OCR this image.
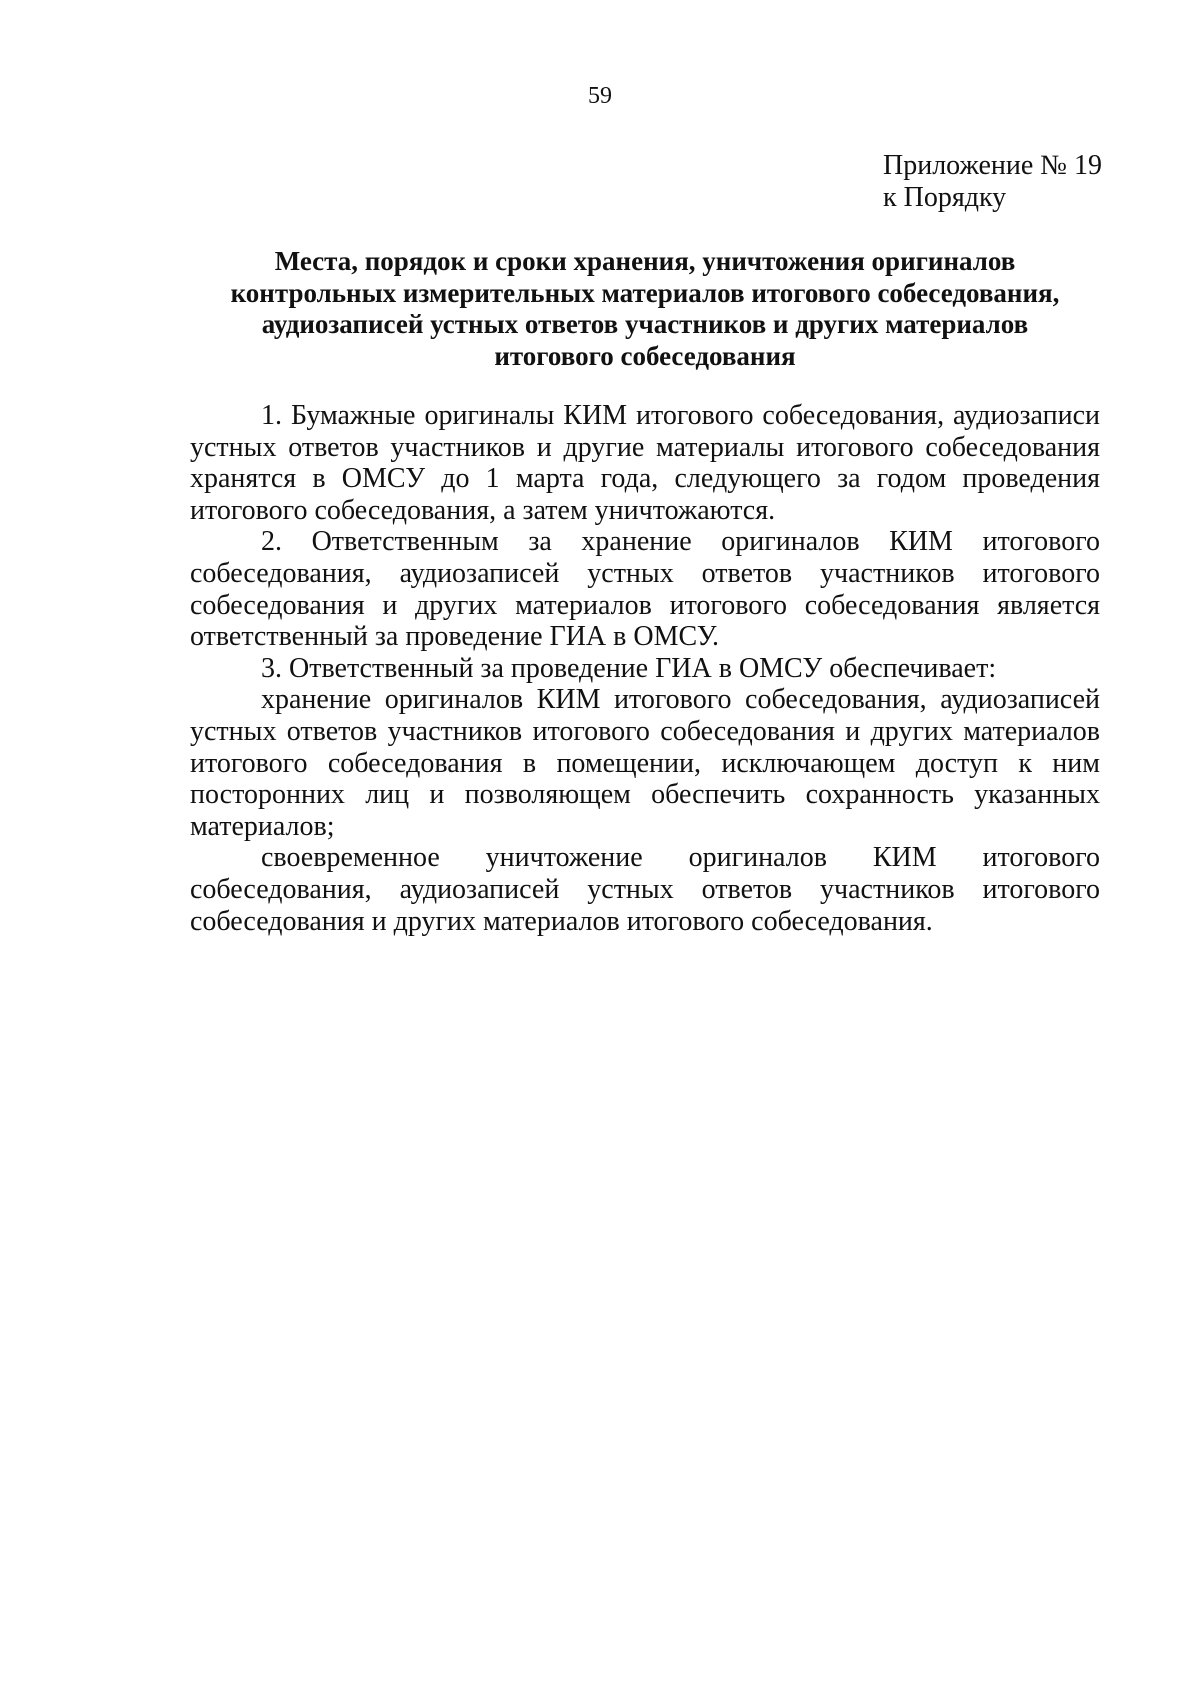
59
Приложение № 19
к Порядку
Места, порядок и сроки хранения, уничтожения оригиналов
контрольных измерительных материалов итогового собеседования,
аудиозаписей устных ответов участников и других материалов
итогового собеседования

1. Бумажные оригиналы КИМ итогового собеседования, аудиозаписи устных ответов участников и другие материалы итогового собеседования хранятся в ОМСУ до 1 марта года, следующего за годом проведения итогового собеседования, а затем уничтожаются.

2. Ответственным за хранение оригиналов КИМ итогового собеседования, аудиозаписей устных ответов участников итогового собеседования и других материалов итогового собеседования является ответственный за проведение ГИА в ОМСУ.

3. Ответственный за проведение ГИА в ОМСУ обеспечивает:

хранение оригиналов КИМ итогового собеседования, аудиозаписей устных ответов участников итогового собеседования и других материалов итогового собеседования в помещении, исключающем доступ к ним посторонних лиц и позволяющем обеспечить сохранность указанных материалов;

своевременное уничтожение оригиналов КИМ итогового собеседования, аудиозаписей устных ответов участников итогового собеседования и других материалов итогового собеседования.
